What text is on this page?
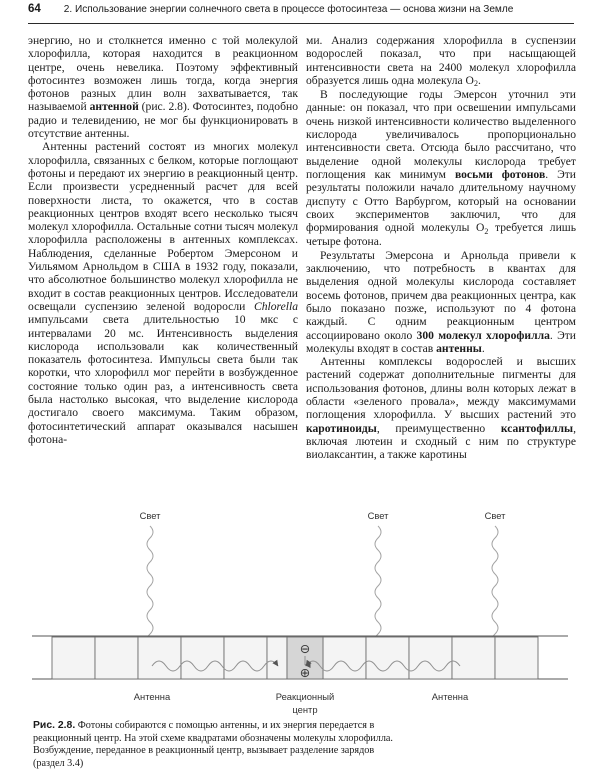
64 2. Использование энергии солнечного света в процессе фотосинтеза — основа жизни на Земле

энергию, но и столкнется именно с той молекулой хлорофилла, которая находится в реакционном центре, очень невелика. Поэтому эффективный фотосинтез возможен лишь тогда, когда энергия фотонов разных длин волн захватывается, так называемой антенной (рис. 2.8). Фотосинтез, подобно радио и телевидению, не мог бы функционировать в отсутствие антенны.

Антенны растений состоят из многих молекул хлорофилла, связанных с белком, которые поглощают фотоны и передают их энергию в реакционный центр. Если произвести усредненный расчет для всей поверхности листа, то окажется, что в состав реакционных центров входят всего несколько тысяч молекул хлорофилла. Остальные сотни тысяч молекул хлорофилла расположены в антенных комплексах. Наблюдения, сделанные Робертом Эмерсоном и Уильямом Арнольдом в США в 1932 году, показали, что абсолютное большинство молекул хлорофилла не входит в состав реакционных центров. Исследователи освещали суспензию зеленой водоросли Chlorella импульсами света длительностью 10 мкс с интервалами 20 мс. Интенсивность выделения кислорода использовали как количественный показатель фотосинтеза. Импульсы света были так коротки, что хлорофилл мог перейти в возбужденное состояние только один раз, а интенсивность света была настолько высокая, что выделение кислорода достигало своего максимума. Таким образом, фотосинтетический аппарат оказывался насышен фотона-

ми. Анализ содержания хлорофилла в суспензии водорослей показал, что при насыщающей интенсивности света на 2400 молекул хлорофилла образуется лишь одна молекула $O_2$.

В последующие годы Эмерсон уточнил эти данные: он показал, что при освешении импульсами очень низкой интенсивности количество выделенного кислорода увеличивалось пропорционально интенсивности света. Отсюда было рассчитано, что выделение одной молекулы кислорода требует поглощения как минимум восьми фотонов. Эти результаты положили начало длительному научному диспуту с Отто Варбургом, который на основании своих экспериментов заключил, что для формирования одной молекулы $O_2$ требуется лишь четыре фотона.

Результаты Эмерсона и Арнольда привели к заключению, что потребность в квантах для выделения одной молекулы кислорода составляет восемь фотонов, причем два реакционных центра, как было показано позже, используют по 4 фотона каждый. С одним реакционным центром ассоциировано около 300 молекул хлорофилла. Эти молекулы входят в состав антенны.

Антенны комплексы водорослей и высших растений содержат дополнительные пигменты для использования фотонов, длины волн которых лежат в области «зеленого провала», между максимумами поглощения хлорофилла. У высших растений это каротиноиды, преимущественно ксантофиллы, включая лютеин и сходный с ним по структуре виолаксантин, а также каротины

Свет	Свет	Свет
⊖
⊕
Антенна	Реакционный
центр
Антенна
Рис. 2.8. Фотоны собираются с помощью антенны, и их энергия передается в
реакционный центр. На этой схеме квадратами обозначены молекулы хлорофилла.
Возбуждение, переданное в реакционный центр, вызывает разделение зарядов
(раздел 3.4)
